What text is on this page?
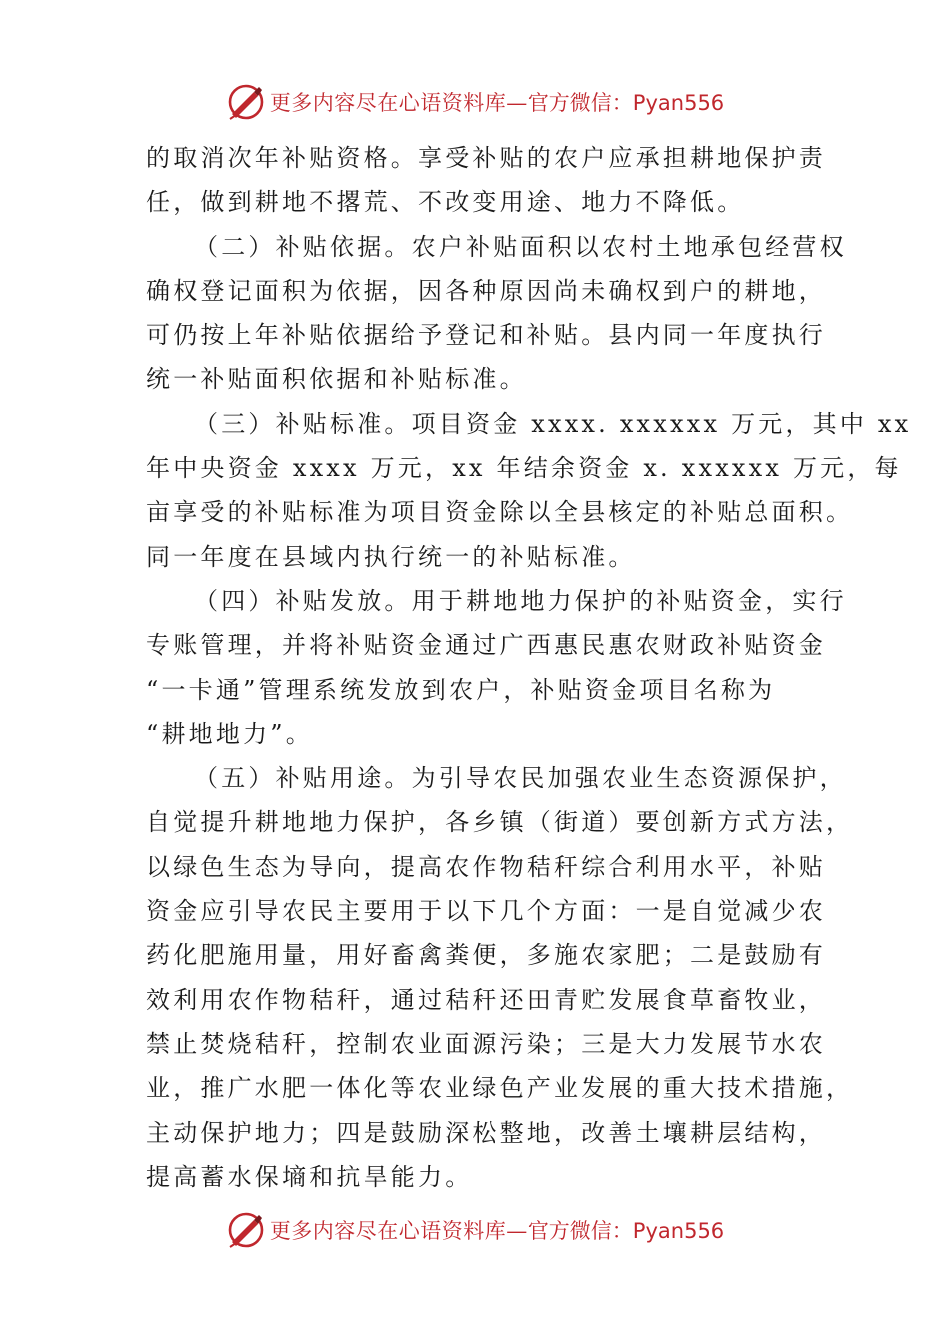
更多内容尽在心语资料库— 官方微信：Pyan556
的取消次年补贴资格。享受补贴的农户应承担耕地保护责
任，做到耕地不撂荒、不改变用途、地力不降低。
（二）补贴依据。农户补贴面积以农村土地承包经营权
确权登记面积为依据，因各种原因尚未确权到户的耕地，
可仍按上年补贴依据给予登记和补贴。县内同一年度执行
统一补贴面积依据和补贴标准。
（三）补贴标准。项目资金 xxxx. xxxxxx 万元，其中 xx
年中央资金 xxxx 万元，xx 年结余资金 x. xxxxxx 万元，每
亩享受的补贴标准为项目资金除以全县核定的补贴总面积。
同一年度在县域内执行统一的补贴标准。
（四）补贴发放。用于耕地地力保护的补贴资金，实行
专账管理，并将补贴资金通过广西惠民惠农财政补贴资金
“一卡通”管理系统发放到农户，补贴资金项目名称为
“耕地地力”。
（五）补贴用途。为引导农民加强农业生态资源保护，
自觉提升耕地地力保护，各乡镇（街道）要创新方式方法，
以绿色生态为导向，提高农作物秸秆综合利用水平，补贴
资金应引导农民主要用于以下几个方面：一是自觉减少农
药化肥施用量，用好畜禽粪便，多施农家肥；二是鼓励有
效利用农作物秸秆，通过秸秆还田青贮发展食草畜牧业，
禁止焚烧秸秆，控制农业面源污染；三是大力发展节水农
业，推广水肥一体化等农业绿色产业发展的重大技术措施，
主动保护地力；四是鼓励深松整地，改善土壤耕层结构，
提高蓄水保墒和抗旱能力。
更多内容尽在心语资料库— 官方微信：Pyan556
